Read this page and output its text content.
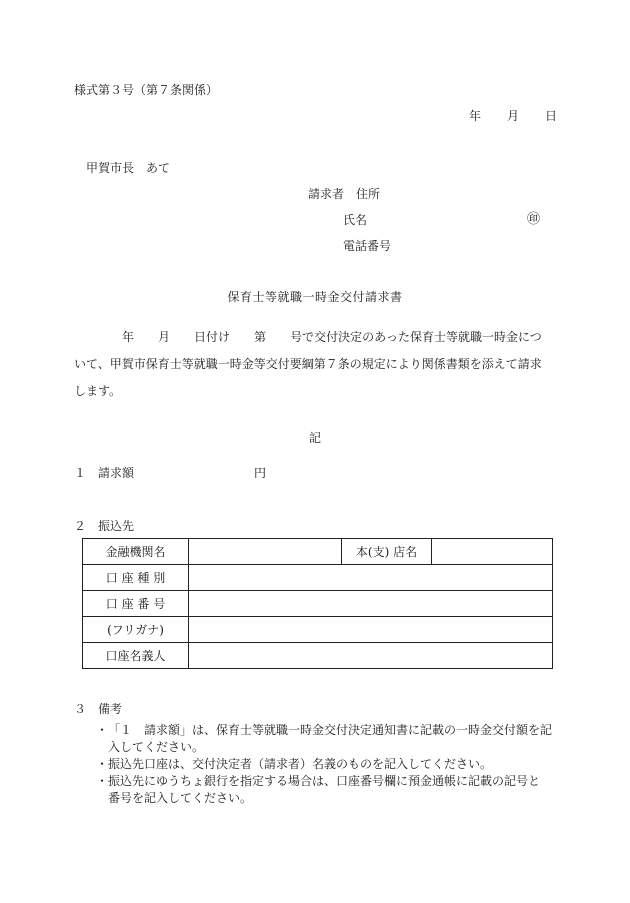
様式第３号（第７条関係）
年 月 日
甲賀市長　あて
請求者 住所
氏名	㊞
電話番号
保育士等就職一時金交付請求書
年 月 日付け 第 号で交付決定のあった保育士等就職一時金につ
いて、甲賀市保育士等就職一時金等交付要綱第７条の規定により関係書類を添えて請求
します。
記
１　請求額	円
２　振込先
金融機関名		本(支) 店名	
口 座 種 別			
口 座 番 号			
(フリガナ)			
口座名義人			
３　備考
・ 「１　請求額」は、保育士等就職一時金交付決定通知書に記載の一時金交付額を記
入してください。
・ 振込先口座は、交付決定者（請求者）名義のものを記入してください。
・ 振込先にゆうちょ銀行を指定する場合は、口座番号欄に預金通帳に記載の記号と
番号を記入してください。
